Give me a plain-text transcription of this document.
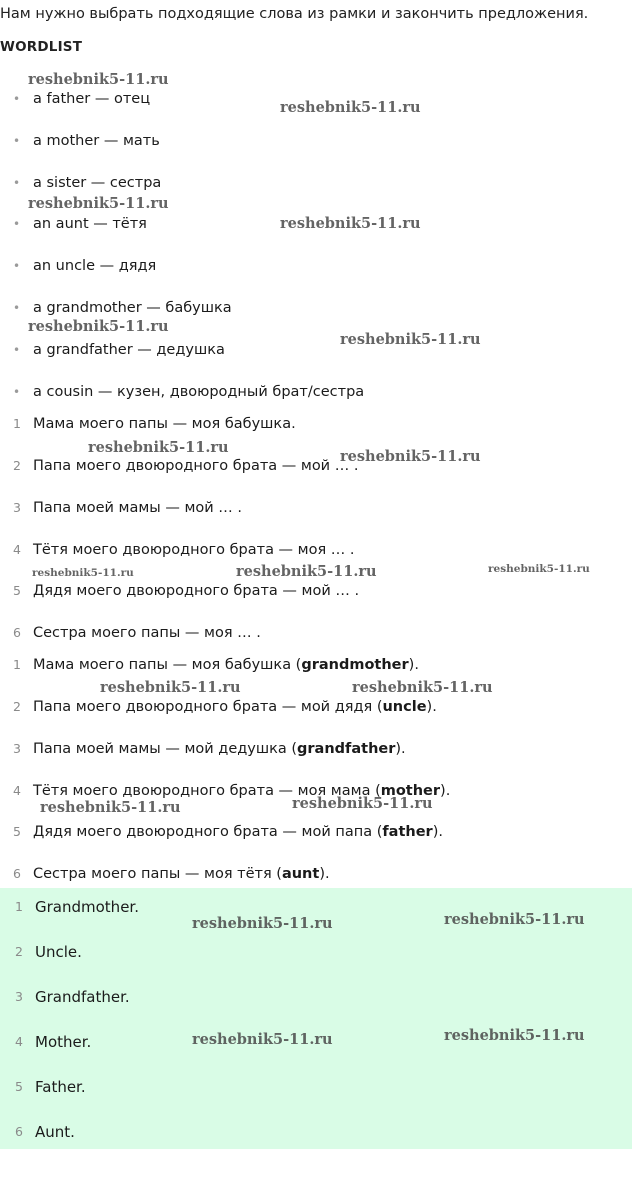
Нам нужно выбрать подходящие слова из рамки и закончить предложения.
WORDLIST
• a father — отец
• a mother — мать
• a sister — сестра
• an aunt — тётя
• an uncle — дядя
• a grandmother — бабушка
• a grandfather — дедушка
• a cousin — кузен, двоюродный брат/сестра
1 Мама моего папы — моя бабушка.
2 Папа моего двоюродного брата — мой … .
3 Папа моей мамы — мой … .
4 Тётя моего двоюродного брата — моя … .
5 Дядя моего двоюродного брата — мой … .
6 Сестра моего папы — моя … .
1 Мама моего папы — моя бабушка (grandmother).
2 Папа моего двоюродного брата — мой дядя (uncle).
3 Папа моей мамы — мой дедушка (grandfather).
4 Тётя моего двоюродного брата — моя мама (mother).
5 Дядя моего двоюродного брата — мой папа (father).
6 Сестра моего папы — моя тётя (aunt).
1 Grandmother.
2 Uncle.
3 Grandfather.
4 Mother.
5 Father.
6 Aunt.
reshebnik5-11.ru
reshebnik5-11.ru
reshebnik5-11.ru
reshebnik5-11.ru
reshebnik5-11.ru
reshebnik5-11.ru
reshebnik5-11.ru
reshebnik5-11.ru
reshebnik5-11.ru	reshebnik5-11.ru	reshebnik5-11.ru
reshebnik5-11.ru	reshebnik5-11.ru
reshebnik5-11.ru	reshebnik5-11.ru
reshebnik5-11.ru	reshebnik5-11.ru
reshebnik5-11.ru	reshebnik5-11.ru
